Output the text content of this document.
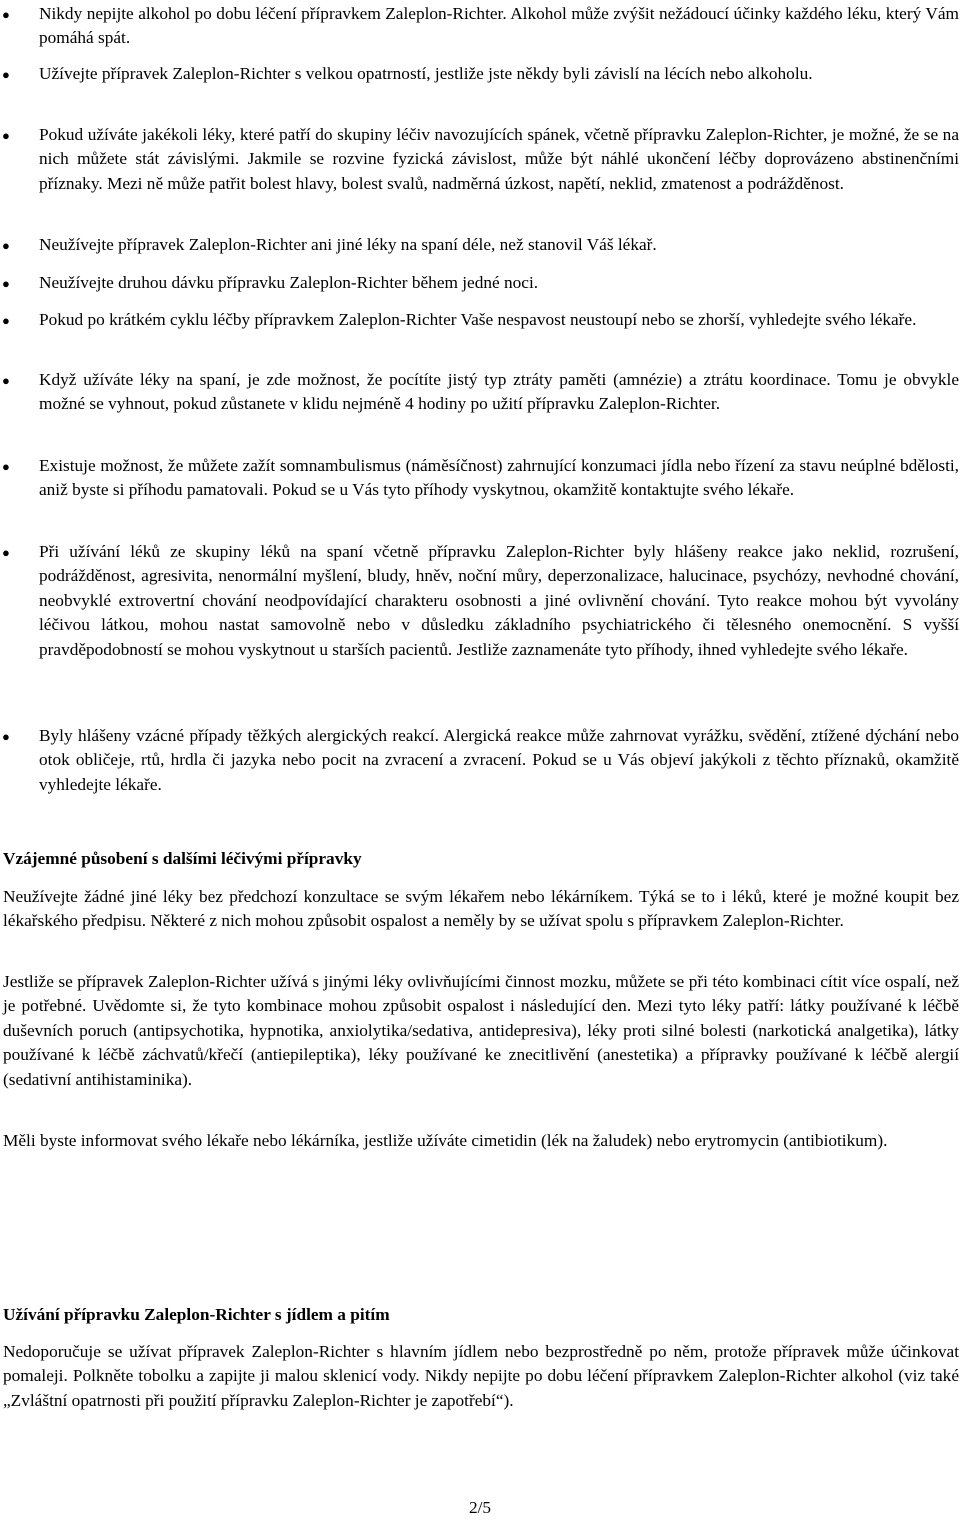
● Nikdy nepijte alkohol po dobu léčení přípravkem Zaleplon-Richter. Alkohol může zvýšit nežádoucí účinky každého léku, který Vám pomáhá spát.
● Užívejte přípravek Zaleplon-Richter s velkou opatrností, jestliže jste někdy byli závislí na lécích nebo alkoholu.
● Pokud užíváte jakékoli léky, které patří do skupiny léčiv navozujících spánek, včetně přípravku Zaleplon-Richter, je možné, že se na nich můžete stát závislými. Jakmile se rozvine fyzická závislost, může být náhlé ukončení léčby doprovázeno abstinenčními příznaky. Mezi ně může patřit bolest hlavy, bolest svalů, nadměrná úzkost, napětí, neklid, zmatenost a podrážděnost.
● Neužívejte přípravek Zaleplon-Richter ani jiné léky na spaní déle, než stanovil Váš lékař.
● Neužívejte druhou dávku přípravku Zaleplon-Richter během jedné noci.
● Pokud po krátkém cyklu léčby přípravkem Zaleplon-Richter Vaše nespavost neustoupí nebo se zhorší, vyhledejte svého lékaře.
● Když užíváte léky na spaní, je zde možnost, že pocítíte jistý typ ztráty paměti (amnézie) a ztrátu koordinace. Tomu je obvykle možné se vyhnout, pokud zůstanete v klidu nejméně 4 hodiny po užití přípravku Zaleplon-Richter.
● Existuje možnost, že můžete zažít somnambulismus (náměsíčnost) zahrnující konzumaci jídla nebo řízení za stavu neúplné bdělosti, aniž byste si příhodu pamatovali. Pokud se u Vás tyto příhody vyskytnou, okamžitě kontaktujte svého lékaře.
● Při užívání léků ze skupiny léků na spaní včetně přípravku Zaleplon-Richter byly hlášeny reakce jako neklid, rozrušení, podrážděnost, agresivita, nenormální myšlení, bludy, hněv, noční můry, deperzonalizace, halucinace, psychózy, nevhodné chování, neobvyklé extrovertní chování neodpovídající charakteru osobnosti a jiné ovlivnění chování. Tyto reakce mohou být vyvolány léčivou látkou, mohou nastat samovolně nebo v důsledku základního psychiatrického či tělesného onemocnění. S vyšší pravděpodobností se mohou vyskytnout u starších pacientů. Jestliže zaznamenáte tyto příhody, ihned vyhledejte svého lékaře.
● Byly hlášeny vzácné případy těžkých alergických reakcí. Alergická reakce může zahrnovat vyrážku, svědění, ztížené dýchání nebo otok obličeje, rtů, hrdla či jazyka nebo pocit na zvracení a zvracení. Pokud se u Vás objeví jakýkoli z těchto příznaků, okamžitě vyhledejte lékaře.
Vzájemné působení s dalšími léčivými přípravky

Neužívejte žádné jiné léky bez předchozí konzultace se svým lékařem nebo lékárníkem. Týká se to i léků, které je možné koupit bez lékařského předpisu. Některé z nich mohou způsobit ospalost a neměly by se užívat spolu s přípravkem Zaleplon-Richter.

Jestliže se přípravek Zaleplon-Richter užívá s jinými léky ovlivňujícími činnost mozku, můžete se při této kombinaci cítit více ospalí, než je potřebné. Uvědomte si, že tyto kombinace mohou způsobit ospalost i následující den. Mezi tyto léky patří: látky používané k léčbě duševních poruch (antipsychotika, hypnotika, anxiolytika/sedativa, antidepresiva), léky proti silné bolesti (narkotická analgetika), látky používané k léčbě záchvatů/křečí (antiepileptika), léky používané ke znecitlivění (anestetika) a přípravky používané k léčbě alergií (sedativní antihistaminika).

Měli byste informovat svého lékaře nebo lékárníka, jestliže užíváte cimetidin (lék na žaludek) nebo erytromycin (antibiotikum).

Užívání přípravku Zaleplon-Richter s jídlem a pitím

Nedoporučuje se užívat přípravek Zaleplon-Richter s hlavním jídlem nebo bezprostředně po něm, protože přípravek může účinkovat pomaleji. Polkněte tobolku a zapijte ji malou sklenicí vody. Nikdy nepijte po dobu léčení přípravkem Zaleplon-Richter alkohol (viz také „Zvláštní opatrnosti při použití přípravku Zaleplon-Richter je zapotřebí“).

2/5
